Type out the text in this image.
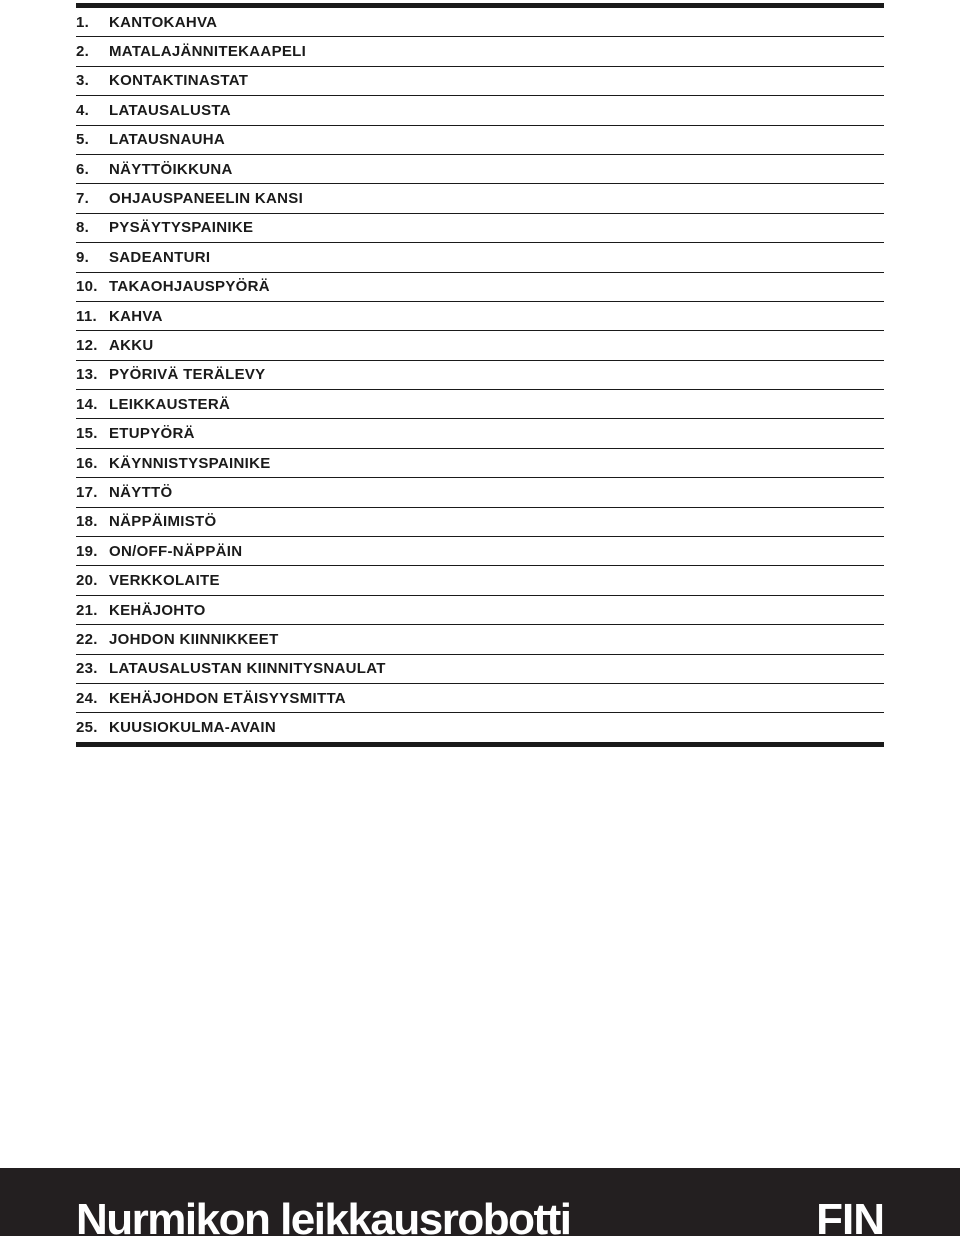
1.	KANTOKAHVA
2.	MATALAJÄNNITEKAAPELI
3.	KONTAKTINASTAT
4.	LATAUSALUSTA
5.	LATAUSNAUHA
6.	NÄYTTÖIKKUNA
7.	OHJAUSPANEELIN KANSI
8.	PYSÄYTYSPAINIKE
9.	SADEANTURI
10. TAKAOHJAUSPYÖRÄ
11. KAHVA
12. AKKU
13. PYÖRIVÄ TERÄLEVY
14. LEIKKAUSTERÄ
15. ETUPYÖRÄ
16. KÄYNNISTYSPAINIKE
17. NÄYTTÖ
18. NÄPPÄIMISTÖ
19. ON/OFF-NÄPPÄIN
20. VERKKOLAITE
21. KEHÄJOHTO
22. JOHDON KIINNIKKEET
23. LATAUSALUSTAN KIINNITYSNAULAT
24. KEHÄJOHDON ETÄISYYSMITTA
25. KUUSIOKULMA-AVAIN
Nurmikon leikkausrobotti	FIN
